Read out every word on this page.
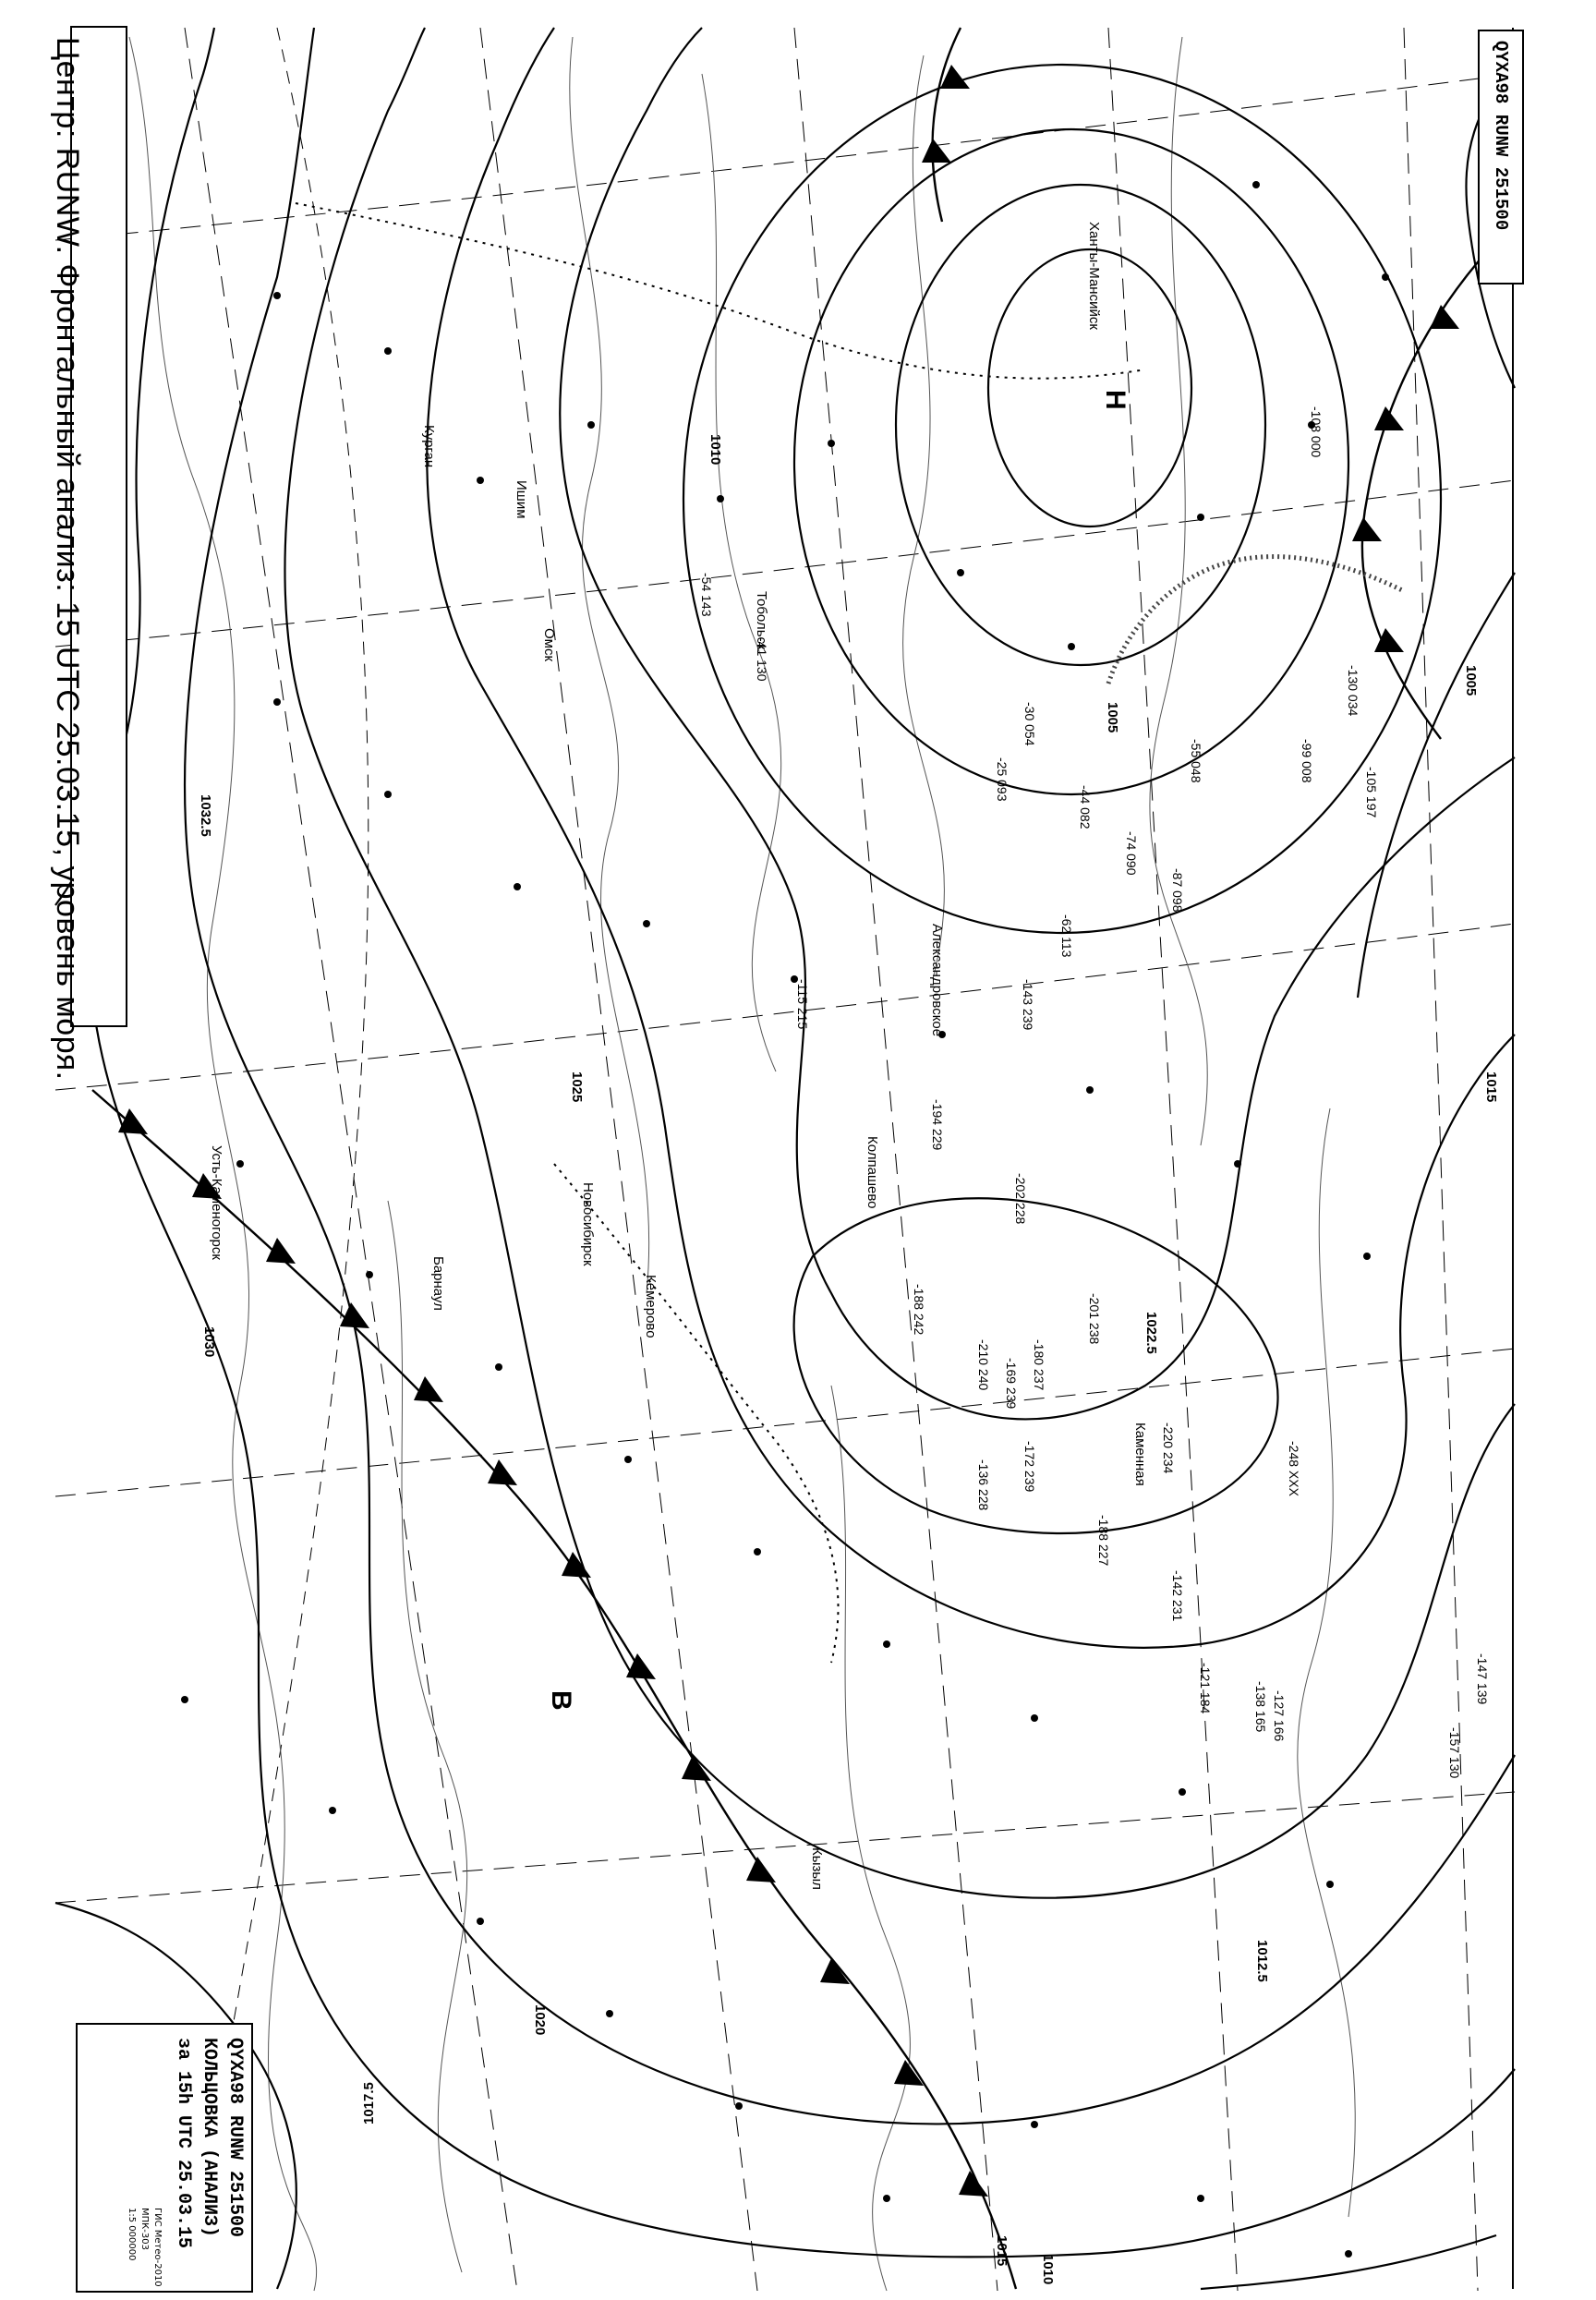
-143 239
-115 215
-194 229
-202 228
-188 242
-220 234
-142 231
-188 227
-248 XXX
-201 238
-180 237
-210 240
-172 239
-169 239
-136 228
-121 184	-138 165
-147 139
-127 166
-157 130
-105 197
-54 143
-41 130
-30 054
-74 090
-87 098
-62 113
-25 093
-44 082
-99 008
-55 048
-130 034
-108 000
Колпашево
Новосибирск
Барнаул
Александровское
Ханты-Мансийск
Кемерово
Тобольск
Омск
Курган
Ишим
Усть-Каменогорск
Каменная
Кызыл
Н
В
1032.5
1030
1025
1022.5
1020
1017.5
1015
1015
1012.5
1010
1010
1005
1005
Центр: RUNW. Фронтальный анализ: 15 UTC 25.03.15, уровень моря.	QYXA98 RUNW 251500
QYXA98 RUNW 251500
КОЛЬЦОВКА (АНАЛИЗ)
за 15h UTC 25.03.15
ГИС Метео-2010
МПК-303
1:5 000000
